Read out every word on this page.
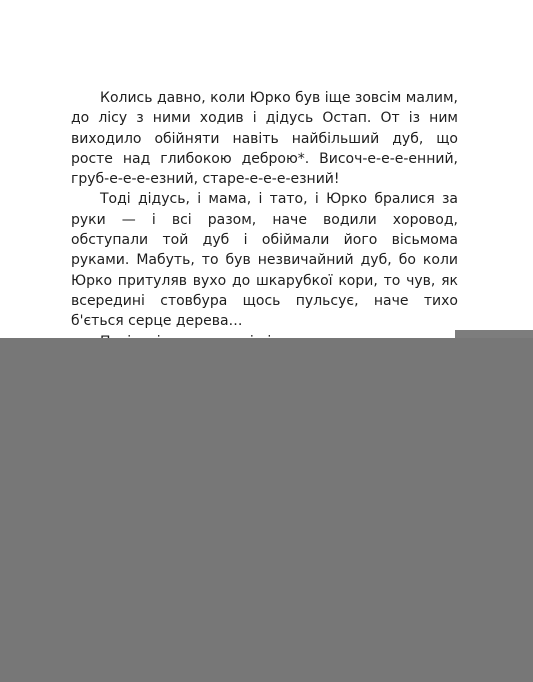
Колись давно, коли Юрко був іще зовсім малим, до лісу з ними ходив і дідусь Остап. От із ним виходило обійняти навіть найбільший дуб, що росте над глибокою деброю*. Височ-е-е-е-енний, груб-е-е-е-езний, старе-е-е-е-езний!

Тоді дідусь, і мама, і тато, і Юрко бралися за руки — і всі разом, наче водили хоровод, обступали той дуб і обіймали його вісьмома руками. Мабуть, то був незвичайний дуб, бо коли Юрко притуляв вухо до шкарубкої кори, то чув, як всередині стовбура щось пульсує, наче тихо б'ється серце дерева…
